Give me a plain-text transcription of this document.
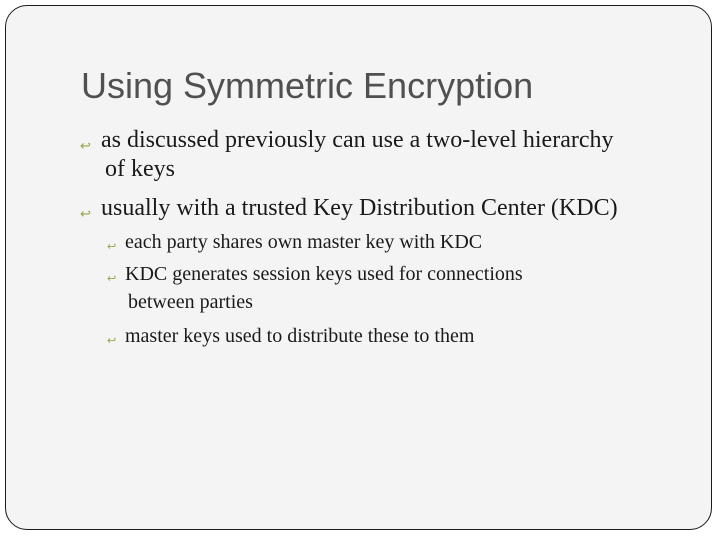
Using Symmetric Encryption
↩ as discussed previously can use a two-level hierarchy
of keys
↩ usually with a trusted Key Distribution Center (KDC)
↩ each party shares own master key with KDC
↩ KDC generates session keys used for connections
between parties
↩ master keys used to distribute these to them
